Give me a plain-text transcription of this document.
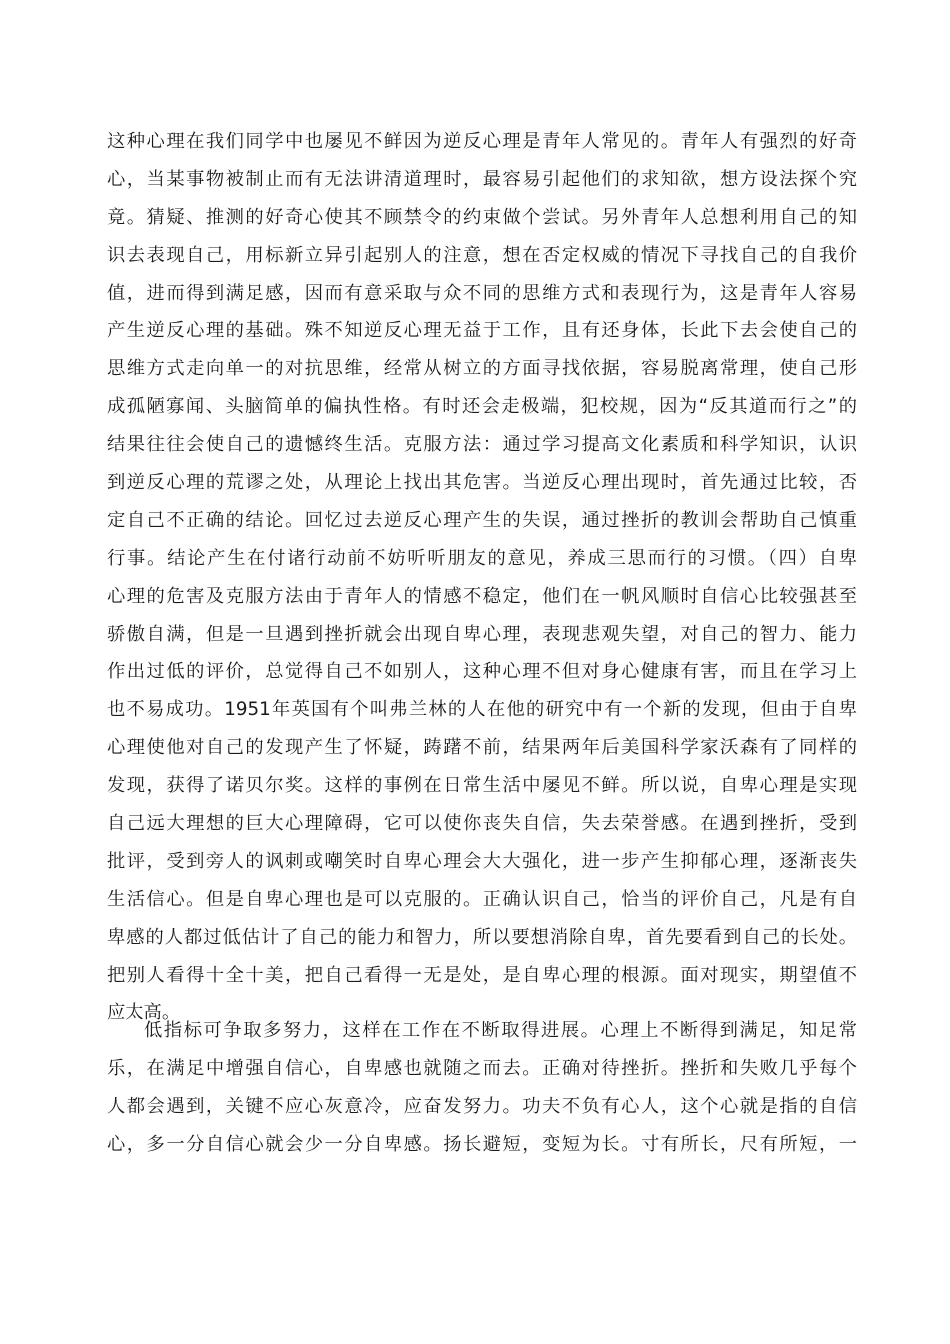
这种心理在我们同学中也屡见不鲜因为逆反心理是青年人常见的。青年人有强烈的好奇
心，当某事物被制止而有无法讲清道理时，最容易引起他们的求知欲，想方设法探个究
竟。猜疑、推测的好奇心使其不顾禁令的约束做个尝试。另外青年人总想利用自己的知
识去表现自己，用标新立异引起别人的注意，想在否定权威的情况下寻找自己的自我价
值，进而得到满足感，因而有意采取与众不同的思维方式和表现行为，这是青年人容易
产生逆反心理的基础。殊不知逆反心理无益于工作，且有还身体，长此下去会使自己的
思维方式走向单一的对抗思维，经常从树立的方面寻找依据，容易脱离常理，使自己形
成孤陋寡闻、头脑简单的偏执性格。有时还会走极端，犯校规，因为“反其道而行之”的
结果往往会使自己的遗憾终生活。克服方法：通过学习提高文化素质和科学知识，认识
到逆反心理的荒谬之处，从理论上找出其危害。当逆反心理出现时，首先通过比较，否
定自己不正确的结论。回忆过去逆反心理产生的失误，通过挫折的教训会帮助自己慎重
行事。结论产生在付诸行动前不妨听听朋友的意见，养成三思而行的习惯。（四）自卑
心理的危害及克服方法由于青年人的情感不稳定，他们在一帆风顺时自信心比较强甚至
骄傲自满，但是一旦遇到挫折就会出现自卑心理，表现悲观失望，对自己的智力、能力
作出过低的评价，总觉得自己不如别人，这种心理不但对身心健康有害，而且在学习上
也不易成功。1951年英国有个叫弗兰林的人在他的研究中有一个新的发现，但由于自卑
心理使他对自己的发现产生了怀疑，踌躇不前，结果两年后美国科学家沃森有了同样的
发现，获得了诺贝尔奖。这样的事例在日常生活中屡见不鲜。所以说，自卑心理是实现
自己远大理想的巨大心理障碍，它可以使你丧失自信，失去荣誉感。在遇到挫折，受到
批评，受到旁人的讽刺或嘲笑时自卑心理会大大强化，进一步产生抑郁心理，逐渐丧失
生活信心。但是自卑心理也是可以克服的。正确认识自己，恰当的评价自己，凡是有自
卑感的人都过低估计了自己的能力和智力，所以要想消除自卑，首先要看到自己的长处。
把别人看得十全十美，把自己看得一无是处，是自卑心理的根源。面对现实，期望值不
应太高。
低指标可争取多努力，这样在工作在不断取得进展。心理上不断得到满足，知足常
乐，在满足中增强自信心，自卑感也就随之而去。正确对待挫折。挫折和失败几乎每个
人都会遇到，关键不应心灰意冷，应奋发努力。功夫不负有心人，这个心就是指的自信
心，多一分自信心就会少一分自卑感。扬长避短，变短为长。寸有所长，尺有所短，一
